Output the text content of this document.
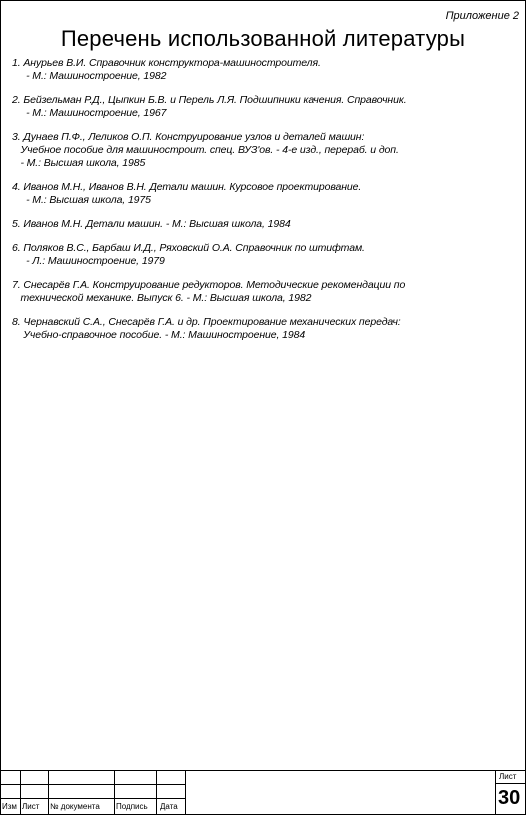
Приложение 2
Перечень использованной литературы
1. Анурьев В.И. Справочник конструктора-машиностроителя.
- М.: Машиностроение, 1982
2. Бейзельман Р.Д., Цыпкин Б.В. и Перель Л.Я. Подшипники качения. Справочник.
- М.: Машиностроение, 1967
3. Дунаев П.Ф., Леликов О.П. Конструирование узлов и деталей машин:
Учебное пособие для машиностроит. спец. ВУЗ'ов. - 4-е изд., перераб. и доп.
- М.: Высшая школа, 1985
4. Иванов М.Н., Иванов В.Н. Детали машин. Курсовое проектирование.
- М.: Высшая школа, 1975
5. Иванов М.Н. Детали машин. - М.: Высшая школа, 1984
6. Поляков В.С., Барбаш И.Д., Ряховский О.А. Справочник по штифтам.
- Л.: Машиностроение, 1979
7. Снесарёв Г.А. Конструирование редукторов. Методические рекомендации по
технической механике. Выпуск 6. - М.: Высшая школа, 1982
8. Чернавский С.А., Снесарёв Г.А. и др. Проектирование механических передач:
Учебно-справочное пособие. - М.: Машиностроение, 1984
Изм Лист № документа Подпись Дата
Лист
30
